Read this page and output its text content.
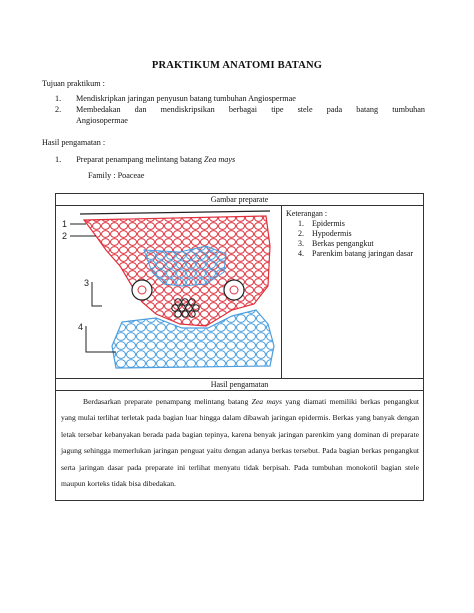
PRAKTIKUM ANATOMI BATANG
Tujuan praktikum :
1. Mendiskripkan jaringan penyusun batang tumbuhan Angiospermae
2. Membedakan dan mendiskripsikan berbagai tipe stele pada batang tumbuhan
Angiosopermae
Hasil pengamatan :
1. Preparat penampang melintang batang Zea mays
Family : Poaceae
Gambar preparate

1
2
3
4

Keterangan :
1. Epidermis
2. Hypodermis
3. Berkas pengangkut
4. Parenkim batang jaringan dasar

Hasil pengamatan
Berdasarkan preparate penampang melintang batang Zea mays yang diamati memiliki berkas pengangkut yang mulai terlihat terletak pada bagian luar hingga dalam dibawah jaringan epidermis. Berkas yang banyak dengan letak tersebar kebanyakan berada pada bagian tepinya, karena benyak jaringan parenkim yang dominan di preparate jagung sehingga memerlukan jaringan penguat yaitu dengan adanya berkas tersebut. Pada bagian berkas pengangkut serta jaringan dasar pada preparate ini terlihat menyatu tidak berpisah. Pada tumbuhan monokotil bagian stele maupun korteks tidak bisa dibedakan.
